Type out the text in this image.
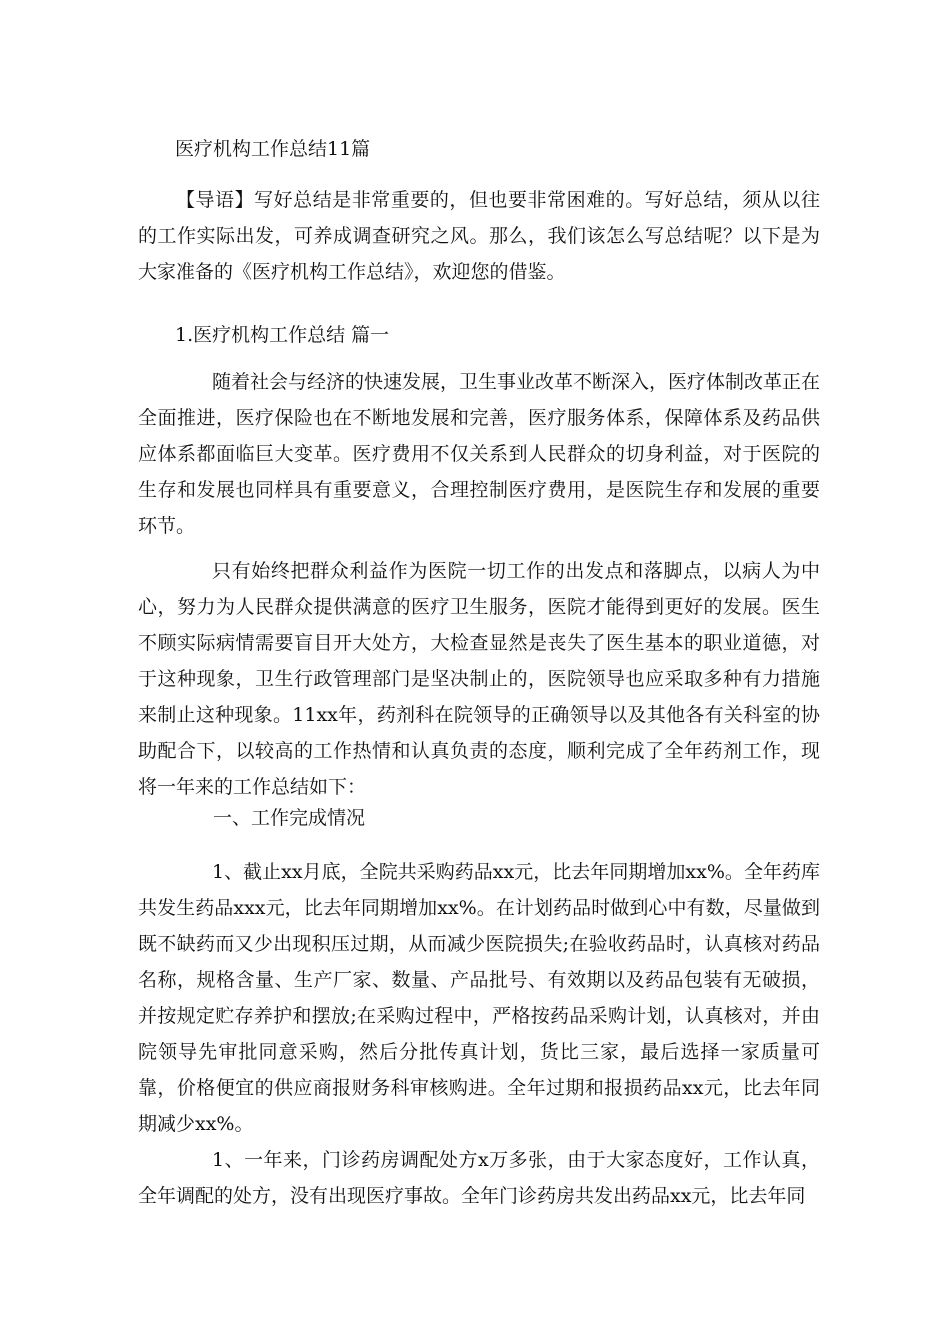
医疗机构工作总结11篇
【导语】写好总结是非常重要的，但也要非常困难的。写好总结，须从以往的工作实际出发，可养成调查研究之风。那么，我们该怎么写总结呢？以下是为大家准备的《医疗机构工作总结》，欢迎您的借鉴。
1.医疗机构工作总结 篇一
随着社会与经济的快速发展，卫生事业改革不断深入，医疗体制改革正在全面推进，医疗保险也在不断地发展和完善，医疗服务体系，保障体系及药品供应体系都面临巨大变革。医疗费用不仅关系到人民群众的切身利益，对于医院的生存和发展也同样具有重要意义，合理控制医疗费用，是医院生存和发展的重要环节。
只有始终把群众利益作为医院一切工作的出发点和落脚点，以病人为中心，努力为人民群众提供满意的医疗卫生服务，医院才能得到更好的发展。医生不顾实际病情需要盲目开大处方，大检查显然是丧失了医生基本的职业道德，对于这种现象，卫生行政管理部门是坚决制止的，医院领导也应采取多种有力措施来制止这种现象。11xx年，药剂科在院领导的正确领导以及其他各有关科室的协助配合下，以较高的工作热情和认真负责的态度，顺利完成了全年药剂工作，现将一年来的工作总结如下：
一、工作完成情况
1、截止xx月底，全院共采购药品xx元，比去年同期增加xx%。全年药库共发生药品xxx元，比去年同期增加xx%。在计划药品时做到心中有数，尽量做到既不缺药而又少出现积压过期，从而减少医院损失;在验收药品时，认真核对药品名称，规格含量、生产厂家、数量、产品批号、有效期以及药品包装有无破损，并按规定贮存养护和摆放;在采购过程中，严格按药品采购计划，认真核对，并由院领导先审批同意采购，然后分批传真计划，货比三家，最后选择一家质量可靠，价格便宜的供应商报财务科审核购进。全年过期和报损药品xx元，比去年同期减少xx%。
1、一年来，门诊药房调配处方x万多张，由于大家态度好，工作认真，全年调配的处方，没有出现医疗事故。全年门诊药房共发出药品xx元，比去年同
